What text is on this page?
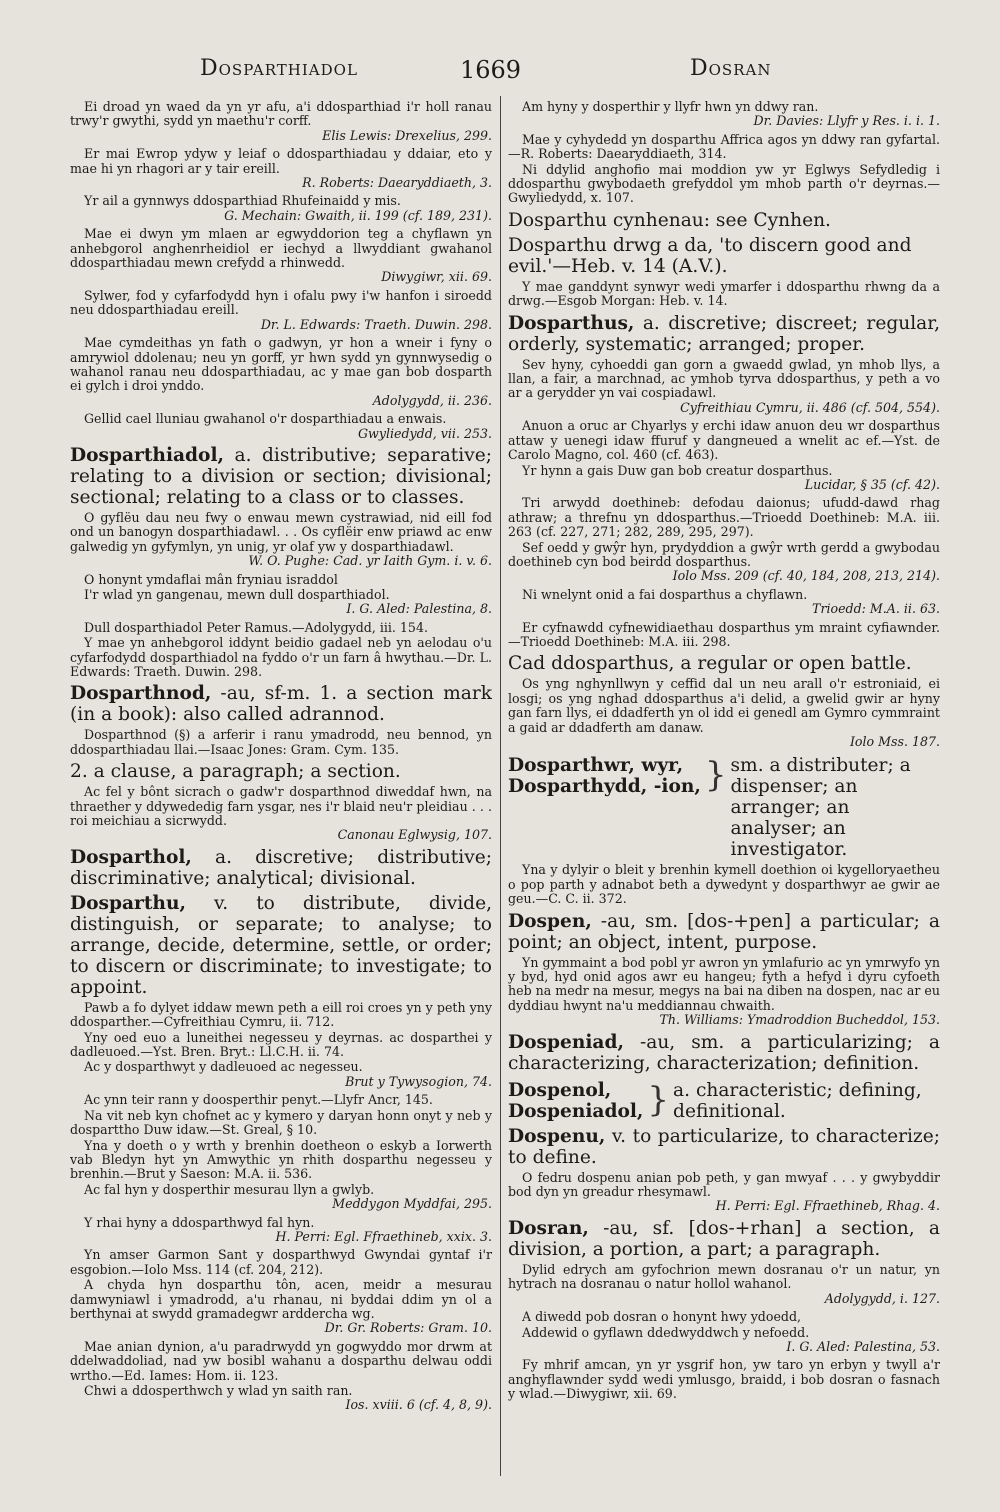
Dosparthiadol	1669	Dosran

Ei droad yn waed da yn yr afu, a'i ddosparthiad i'r holl ranau trwy'r gwythi, sydd yn maethu'r corff.

Elis Lewis: Drexelius, 299.

Er mai Ewrop ydyw y leiaf o ddosparthiadau y ddaiar, eto y mae hi yn rhagori ar y tair ereill.

R. Roberts: Daearyddiaeth, 3.

Yr ail a gynnwys ddosparthiad Rhufeinaidd y mis.

G. Mechain: Gwaith, ii. 199 (cf. 189, 231).

Mae ei dwyn ym mlaen ar egwyddorion teg a chyflawn yn anhebgorol anghenrheidiol er iechyd a llwyddiant gwahanol ddosparthiadau mewn crefydd a rhinwedd.

Diwygiwr, xii. 69.

Sylwer, fod y cyfarfodydd hyn i ofalu pwy i'w hanfon i siroedd neu ddosparthiadau ereill.

Dr. L. Edwards: Traeth. Duwin. 298.

Mae cymdeithas yn fath o gadwyn, yr hon a wneir i fyny o amrywiol ddolenau; neu yn gorff, yr hwn sydd yn gynnwysedig o wahanol ranau neu ddosparthiadau, ac y mae gan bob dosparth ei gylch i droi ynddo.

Adolygydd, ii. 236.

Gellid cael lluniau gwahanol o'r dosparthiadau a enwais.

Gwyliedydd, vii. 253.

Dosparthiadol, a. distributive; separative; relating to a division or section; divisional; sectional; relating to a class or to classes.

O gyflëu dau neu fwy o enwau mewn cystrawiad, nid eill fod ond un banogyn dosparthiadawl. . . Os cyflëir enw priawd ac enw galwedig yn gyfymlyn, yn unig, yr olaf yw y dosparthiadawl.

W. O. Pughe: Cad. yr Iaith Gym. i. v. 6.

O honynt ymdaflai mân fryniau israddol

I'r wlad yn gangenau, mewn dull dosparthiadol.

I. G. Aled: Palestina, 8.

Dull dosparthiadol Peter Ramus.—Adolygydd, iii. 154.

Y mae yn anhebgorol iddynt beidio gadael neb yn aelodau o'u cyfarfodydd dosparthiadol na fyddo o'r un farn â hwythau.—Dr. L. Edwards: Traeth. Duwin. 298.

Dosparthnod, -au, sf-m. 1. a section mark (in a book): also called adrannod.

Dosparthnod (§) a arferir i ranu ymadrodd, neu bennod, yn ddosparthiadau llai.—Isaac Jones: Gram. Cym. 135.

2. a clause, a paragraph; a section.

Ac fel y bônt sicrach o gadw'r dosparthnod diweddaf hwn, na thraether y ddywededig farn ysgar, nes i'r blaid neu'r pleidiau . . . roi meichiau a sicrwydd.

Canonau Eglwysig, 107.

Dosparthol, a. discretive; distributive; discriminative; analytical; divisional.

Dosparthu, v. to distribute, divide, distinguish, or separate; to analyse; to arrange, decide, determine, settle, or order; to discern or discriminate; to investigate; to appoint.

Pawb a fo dylyet iddaw mewn peth a eill roi croes yn y peth yny ddosparther.—Cyfreithiau Cymru, ii. 712.

Yny oed euo a luneithei negesseu y deyrnas. ac dosparthei y dadleuoed.—Yst. Bren. Bryt.: Ll.C.H. ii. 74.

Ac y dosparthwyt y dadleuoed ac negesseu.

Brut y Tywysogion, 74.

Ac ynn teir rann y doosperthir penyt.—Llyfr Ancr, 145.

Na vit neb kyn chofnet ac y kymero y daryan honn onyt y neb y dosparttho Duw idaw.—St. Greal, § 10.

Yna y doeth o y wrth y brenhin doetheon o eskyb a Iorwerth vab Bledyn hyt yn Amwythic yn rhith dosparthu negesseu y brenhin.—Brut y Saeson: M.A. ii. 536.

Ac fal hyn y dosperthir mesurau llyn a gwlyb.

Meddygon Myddfai, 295.

Y rhai hyny a ddosparthwyd fal hyn.

H. Perri: Egl. Ffraethineb, xxix. 3.

Yn amser Garmon Sant y dosparthwyd Gwyndai gyntaf i'r esgobion.—Iolo Mss. 114 (cf. 204, 212).

A chyda hyn dosparthu tôn, acen, meidr a mesurau damwyniawl i ymadrodd, a'u rhanau, ni byddai ddim yn ol a berthynai at swydd gramadegwr arddercha wg.

Dr. Gr. Roberts: Gram. 10.

Mae anian dynion, a'u paradrwydd yn gogwyddo mor drwm at ddelwaddoliad, nad yw bosibl wahanu a dosparthu delwau oddi wrtho.—Ed. Iames: Hom. ii. 123.

Chwi a ddosperthwch y wlad yn saith ran.

Ios. xviii. 6 (cf. 4, 8, 9).

Am hyny y dosperthir y llyfr hwn yn ddwy ran.

Dr. Davies: Llyfr y Res. i. i. 1.

Mae y cyhydedd yn dosparthu Affrica agos yn ddwy ran gyfartal.—R. Roberts: Daearyddiaeth, 314.

Ni ddylid anghofio mai moddion yw yr Eglwys Sefydledig i ddosparthu gwybodaeth grefyddol ym mhob parth o'r deyrnas.—Gwyliedydd, x. 107.

Dosparthu cynhenau: see Cynhen.

Dosparthu drwg a da, 'to discern good and evil.'—Heb. v. 14 (A.V.).

Y mae ganddynt synwyr wedi ymarfer i ddosparthu rhwng da a drwg.—Esgob Morgan: Heb. v. 14.

Dosparthus, a. discretive; discreet; regular, orderly, systematic; arranged; proper.

Sev hyny, cyhoeddi gan gorn a gwaedd gwlad, yn mhob llys, a llan, a fair, a marchnad, ac ymhob tyrva ddosparthus, y peth a vo ar a gerydder yn vai cospiadawl.

Cyfreithiau Cymru, ii. 486 (cf. 504, 554).

Anuon a oruc ar Chyarlys y erchi idaw anuon deu wr dosparthus attaw y uenegi idaw ffuruf y dangneued a wnelit ac ef.—Yst. de Carolo Magno, col. 460 (cf. 463).

Yr hynn a gais Duw gan bob creatur dosparthus.

Lucidar, § 35 (cf. 42).

Tri arwydd doethineb: defodau daionus; ufudd-dawd rhag athraw; a threfnu yn ddosparthus.—Trioedd Doethineb: M.A. iii. 263 (cf. 227, 271; 282, 289, 295, 297).

Sef oedd y gwŷr hyn, prydyddion a gwŷr wrth gerdd a gwybodau doethineb cyn bod beirdd dosparthus.

Iolo Mss. 209 (cf. 40, 184, 208, 213, 214).

Ni wnelynt onid a fai dosparthus a chyflawn.

Trioedd: M.A. ii. 63.

Er cyfnawdd cyfnewidiaethau dosparthus ym mraint cyfiawnder.—Trioedd Doethineb: M.A. iii. 298.

Cad ddosparthus, a regular or open battle.

Os yng nghynllwyn y ceffid dal un neu arall o'r estroniaid, ei losgi; os yng nghad ddosparthus a'i delid, a gwelid gwir ar hyny gan farn llys, ei ddadferth yn ol idd ei genedl am Gymro cymmraint a gaid ar ddadferth am danaw.

Iolo Mss. 187.

Dosparthwr, wyr,
Dosparthydd, -ion, } sm. a distributer; a dispenser; an arranger; an analyser; an investigator.

Yna y dylyir o bleit y brenhin kymell doethion oi kygelloryaetheu o pop parth y adnabot beth a dywedynt y dosparthwyr ae gwir ae geu.—C. C. ii. 372.

Dospen, -au, sm. [dos-+pen] a particular; a point; an object, intent, purpose.

Yn gymmaint a bod pobl yr awron yn ymlafurio ac yn ymrwyfo yn y byd, hyd onid agos awr eu hangeu; fyth a hefyd i dyru cyfoeth heb na medr na mesur, megys na bai na diben na dospen, nac ar eu dyddiau hwynt na'u meddiannau chwaith.

Th. Williams: Ymadroddion Bucheddol, 153.

Dospeniad, -au, sm. a particularizing; a characterizing, characterization; definition.

Dospenol,
Dospeniadol, } a. characteristic; defining, definitional.

Dospenu, v. to particularize, to characterize; to define.

O fedru dospenu anian pob peth, y gan mwyaf . . . y gwybyddir bod dyn yn greadur rhesymawl.

H. Perri: Egl. Ffraethineb, Rhag. 4.

Dosran, -au, sf. [dos-+rhan] a section, a division, a portion, a part; a paragraph.

Dylid edrych am gyfochrion mewn dosranau o'r un natur, yn hytrach na dosranau o natur hollol wahanol.

Adolygydd, i. 127.

A diwedd pob dosran o honynt hwy ydoedd,

Addewid o gyflawn ddedwyddwch y nefoedd.

I. G. Aled: Palestina, 53.

Fy mhrif amcan, yn yr ysgrif hon, yw taro yn erbyn y twyll a'r anghyflawnder sydd wedi ymlusgo, braidd, i bob dosran o fasnach y wlad.—Diwygiwr, xii. 69.
